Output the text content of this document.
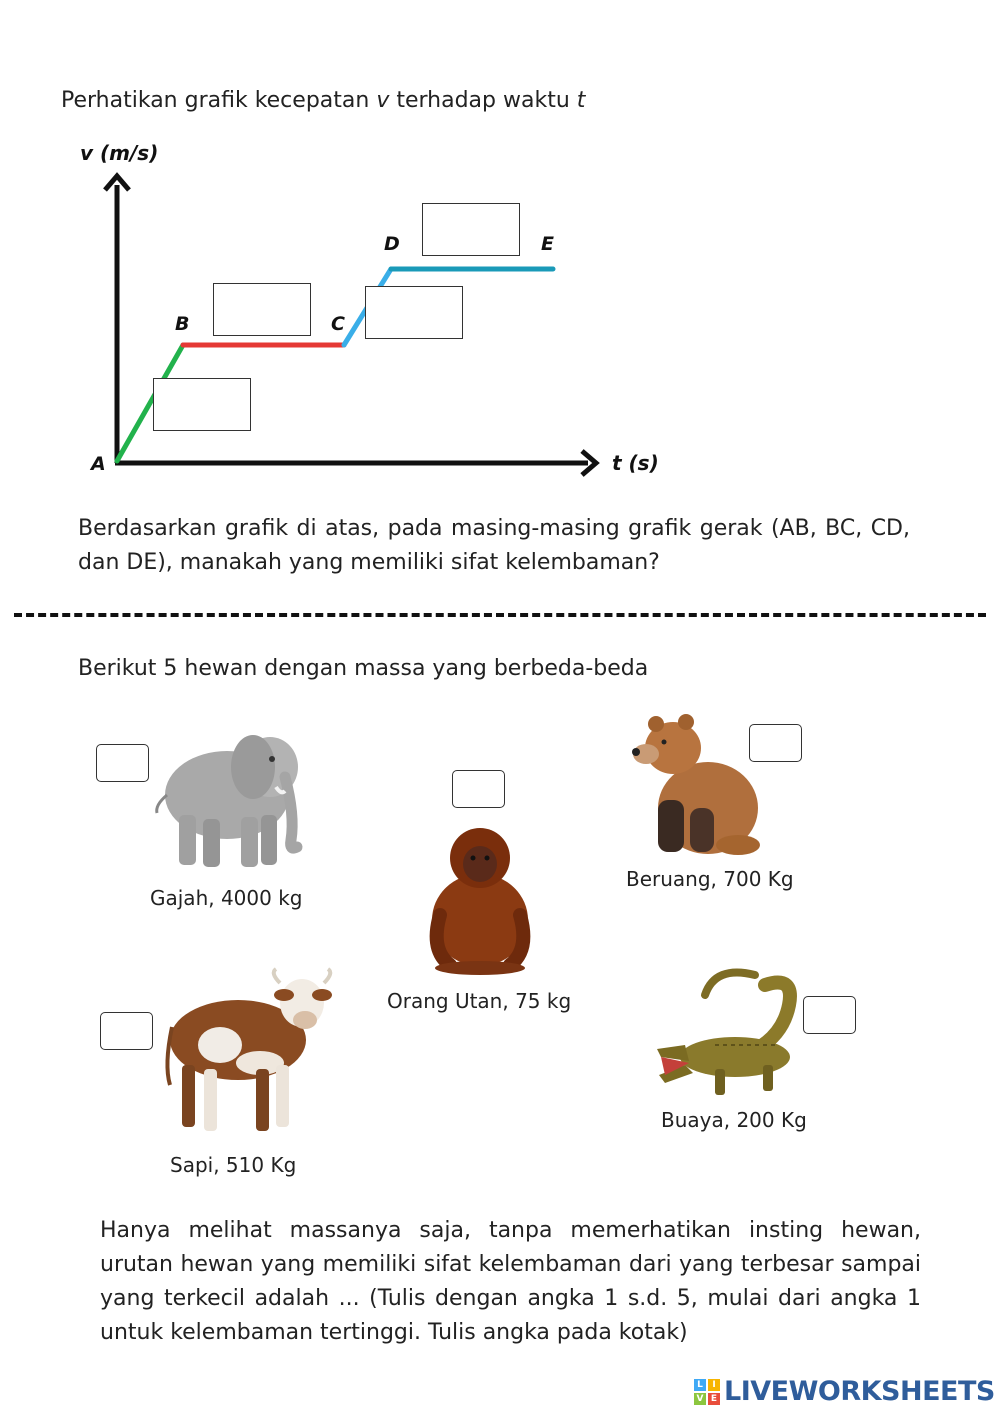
Perhatikan grafik kecepatan v terhadap waktu t
v (m/s)
t (s)
A
B	C
D	E
Berdasarkan grafik di atas, pada masing-masing grafik gerak (AB, BC, CD, dan DE), manakah yang memiliki sifat kelembaman?
Berikut 5 hewan dengan massa yang berbeda-beda
Gajah, 4000 kg
Orang Utan, 75 kg
Beruang, 700 Kg
Sapi, 510 Kg
Buaya, 200 Kg
Hanya melihat massanya saja, tanpa memerhatikan insting hewan, urutan hewan yang memiliki sifat kelembaman dari yang terbesar sampai yang terkecil adalah ... (Tulis dengan angka 1 s.d. 5, mulai dari angka 1 untuk kelembaman tertinggi. Tulis angka pada kotak)
L	I
V E LIVEWORKSHEETS
